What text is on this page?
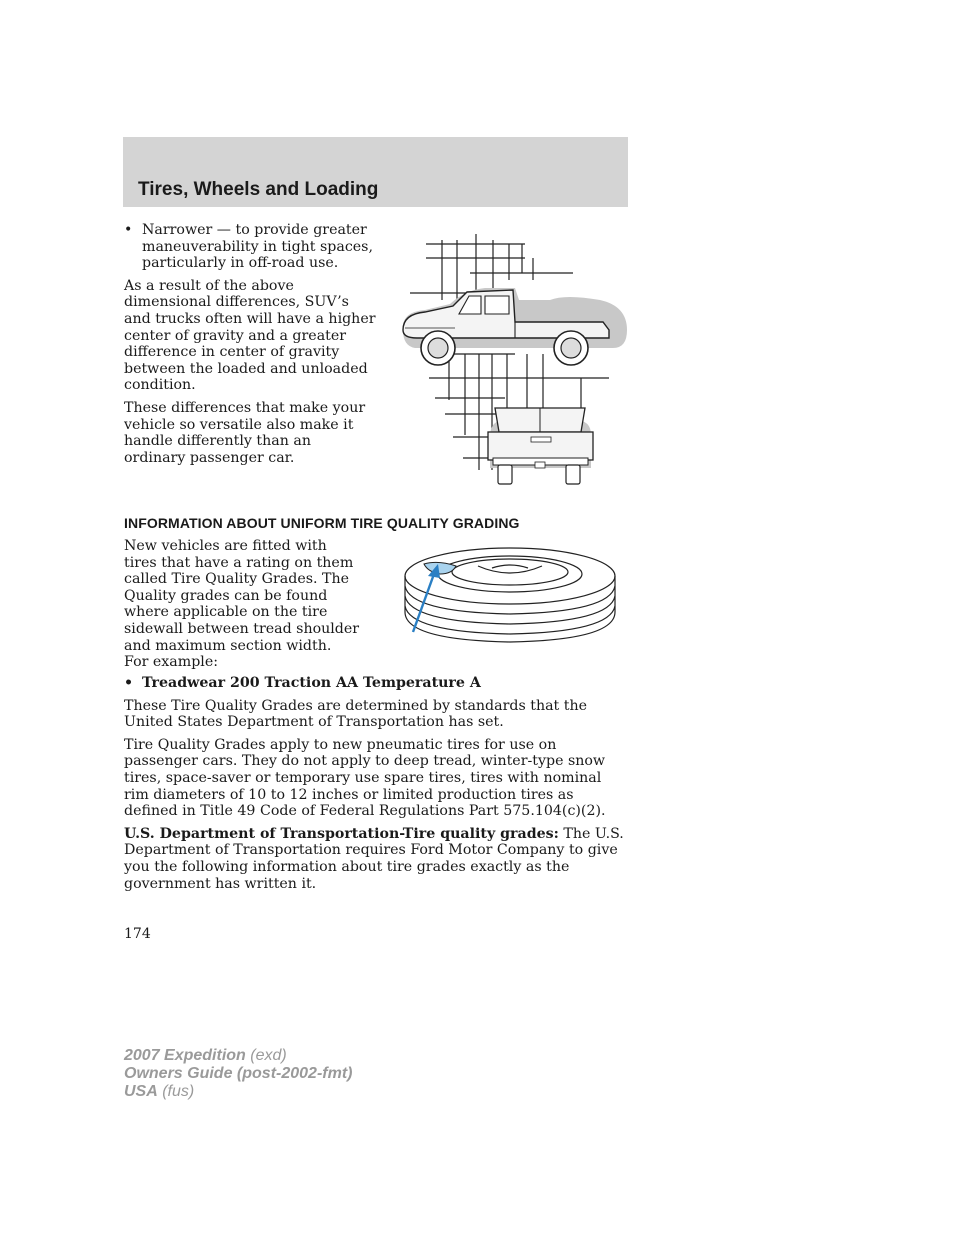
Tires, Wheels and Loading
• Narrower — to provide greater maneuverability in tight spaces, particularly in off-road use.

As a result of the above dimensional differences, SUV’s and trucks often will have a higher center of gravity and a greater difference in center of gravity between the loaded and unloaded condition.

These differences that make your vehicle so versatile also make it handle differently than an ordinary passenger car.

INFORMATION ABOUT UNIFORM TIRE QUALITY GRADING

New vehicles are fitted with tires that have a rating on them called Tire Quality Grades. The Quality grades can be found where applicable on the tire sidewall between tread shoulder and maximum section width. For example:

• Treadwear 200 Traction AA Temperature A

These Tire Quality Grades are determined by standards that the United States Department of Transportation has set.

Tire Quality Grades apply to new pneumatic tires for use on passenger cars. They do not apply to deep tread, winter-type snow tires, space-saver or temporary use spare tires, tires with nominal rim diameters of 10 to 12 inches or limited production tires as defined in Title 49 Code of Federal Regulations Part 575.104(c)(2).

U.S. Department of Transportation-Tire quality grades: The U.S. Department of Transportation requires Ford Motor Company to give you the following information about tire grades exactly as the government has written it.

174
2007 Expedition (exd)
Owners Guide (post-2002-fmt)
USA (fus)
